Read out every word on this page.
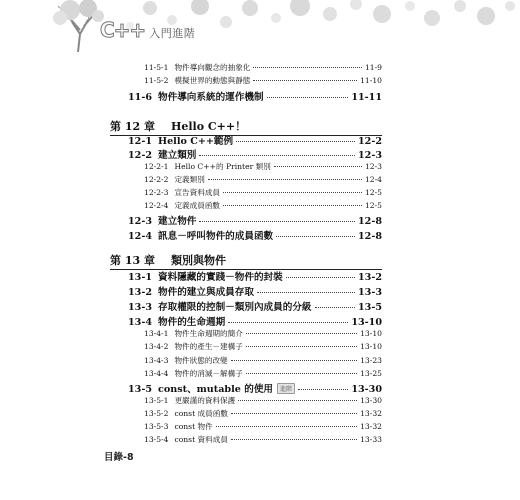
C++ 入門進階
11-5-1 物件導向觀念的抽象化	11-9
11-5-2 模擬世界的動態與靜態	11-10
11-6 物件導向系統的運作機制	11-11
第 12 章 Hello C++！
12-1 Hello C++範例	12-2
12-2 建立類別	12-3
12-2-1 Hello C++的 Printer 類別	12-3
12-2-2 定義類別	12-4
12-2-3 宣告資料成員	12-5
12-2-4 定義成員函數	12-5
12-3 建立物件	12-8
12-4 訊息－呼叫物件的成員函數	12-8
第 13 章 類別與物件
13-1 資料隱藏的實踐－物件的封裝	13-2
13-2 物件的建立與成員存取	13-3
13-3 存取權限的控制－類別內成員的分級	13-5
13-4 物件的生命週期	13-10
13-4-1 物件生命週期的簡介	13-10
13-4-2 物件的產生－建構子	13-10
13-4-3 物件狀態的改變	13-23
13-4-4 物件的消滅－解構子	13-25
13-5 const、mutable 的使用 進階	13-30
13-5-1 更嚴謹的資料保護	13-30
13-5-2 const 成員函數	13-32
13-5-3 const 物件	13-32
13-5-4 const 資料成員	13-33
目錄-8
